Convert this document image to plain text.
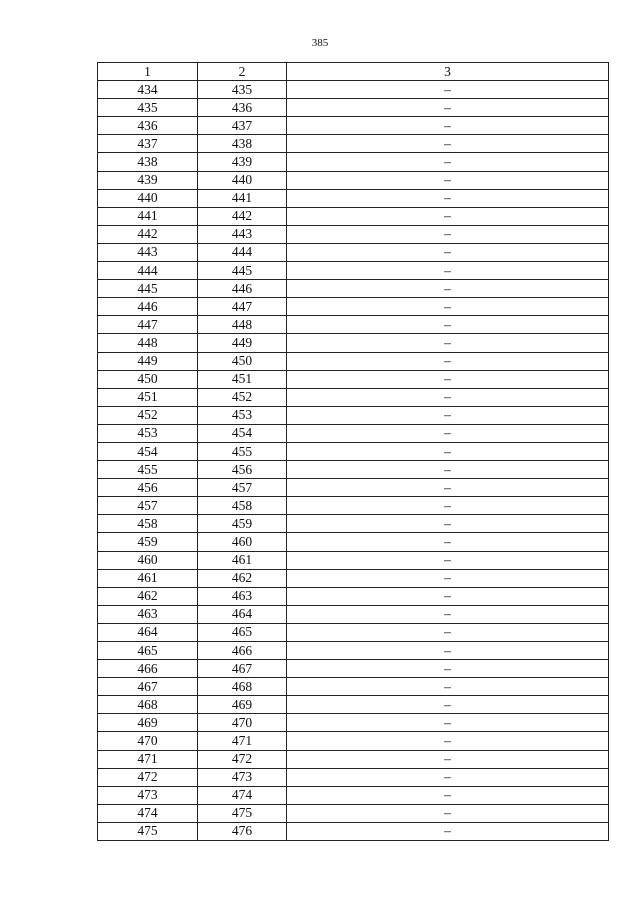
385
1	2	3
434	435	–
435	436	–
436	437	–
437	438	–
438	439	–
439	440	–
440	441	–
441	442	–
442	443	–
443	444	–
444	445	–
445	446	–
446	447	–
447	448	–
448	449	–
449	450	–
450	451	–
451	452	–
452	453	–
453	454	–
454	455	–
455	456	–
456	457	–
457	458	–
458	459	–
459	460	–
460	461	–
461	462	–
462	463	–
463	464	–
464	465	–
465	466	–
466	467	–
467	468	–
468	469	–
469	470	–
470	471	–
471	472	–
472	473	–
473	474	–
474	475	–
475	476	–
